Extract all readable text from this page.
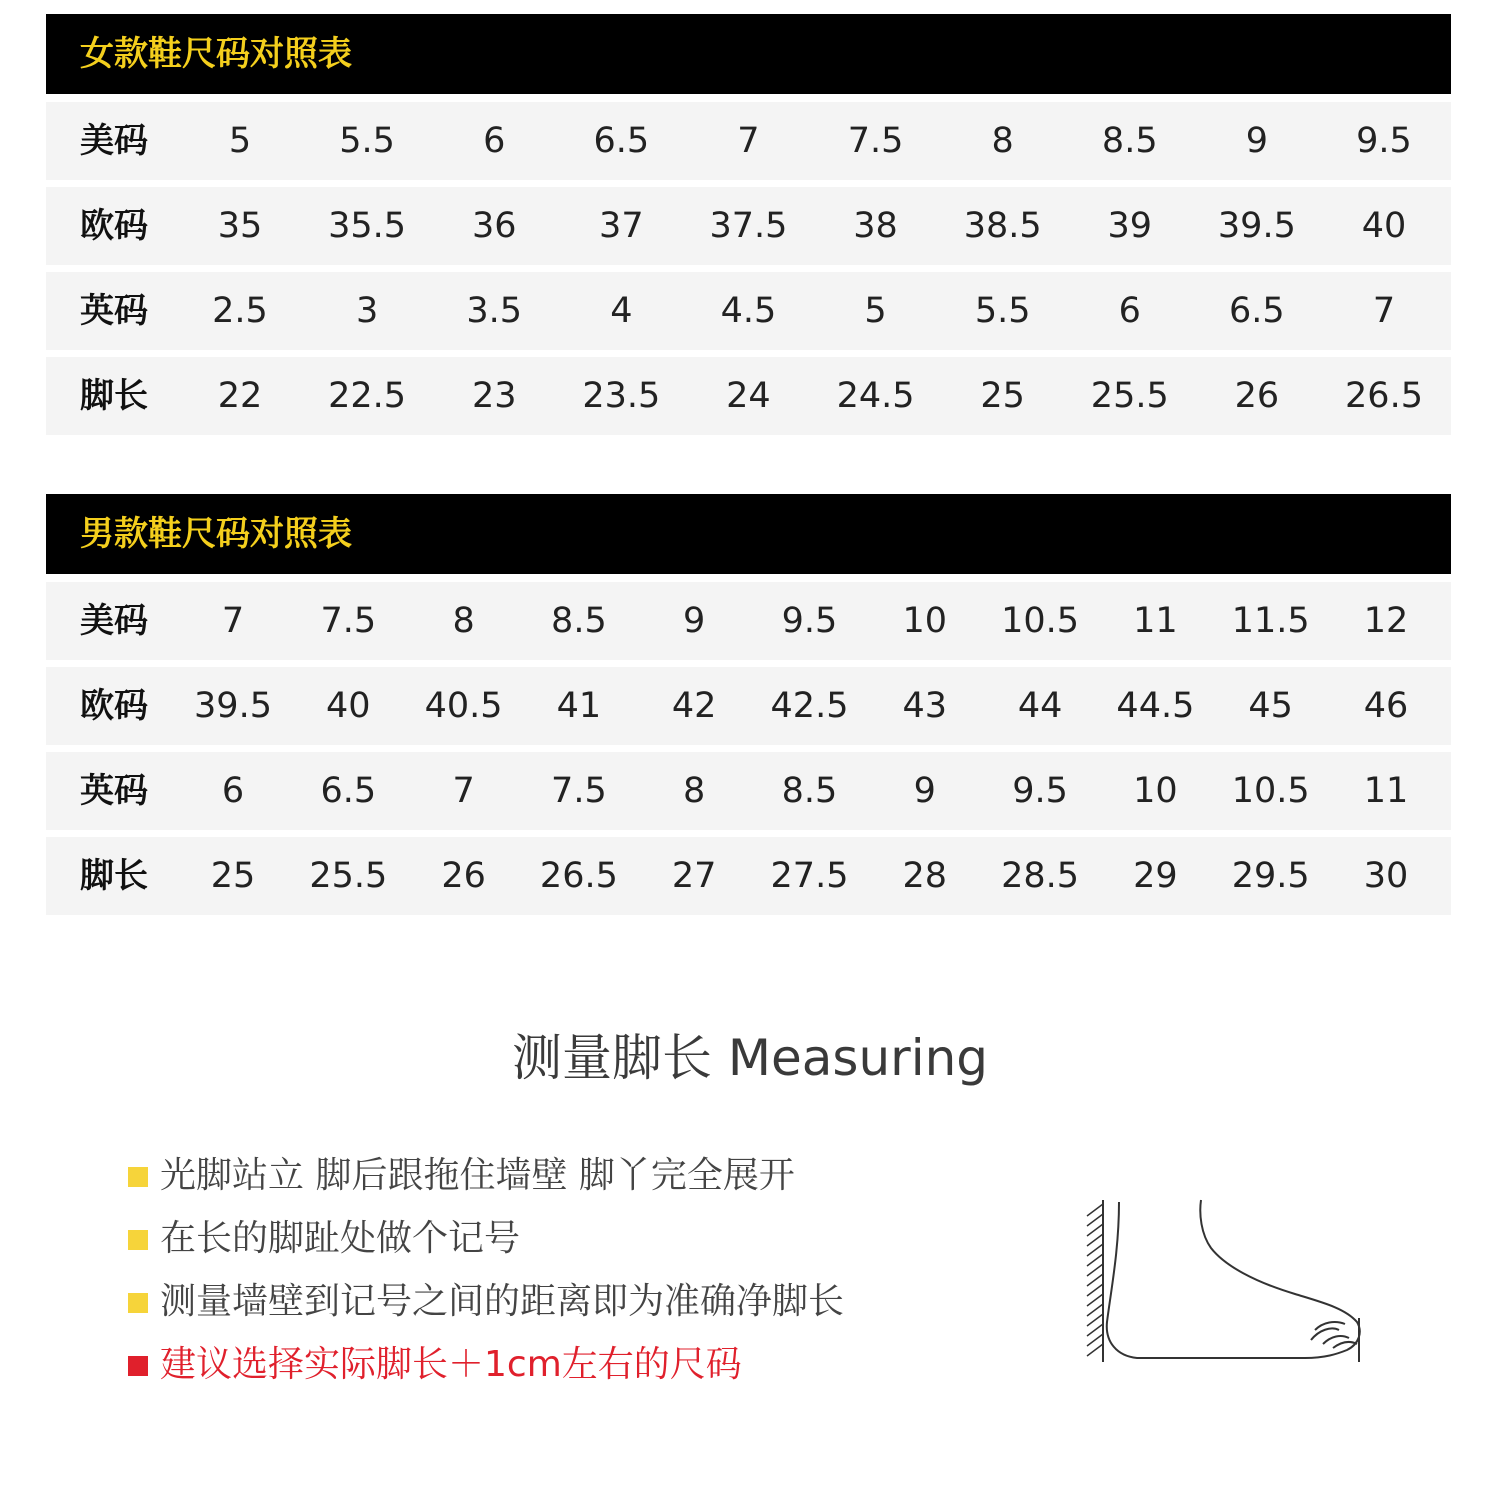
女款鞋尺码对照表
美码	5	5.5	6	6.5	7	7.5	8	8.5	9	9.5
欧码	35	35.5	36	37	37.5	38	38.5	39	39.5	40
英码	2.5	3	3.5	4	4.5	5	5.5	6	6.5	7
脚长	22	22.5	23	23.5	24	24.5	25	25.5	26	26.5
男款鞋尺码对照表
美码	7	7.5	8	8.5	9	9.5	10	10.5	11	11.5	12
欧码	39.5	40	40.5	41	42	42.5	43	44	44.5	45	46
英码	6	6.5	7	7.5	8	8.5	9	9.5	10	10.5	11
脚长	25	25.5	26	26.5	27	27.5	28	28.5	29	29.5	30
测量脚长 Measuring
光脚站立 脚后跟拖住墙壁 脚丫完全展开
在长的脚趾处做个记号
测量墙壁到记号之间的距离即为准确净脚长
建议选择实际脚长＋1cm左右的尺码
